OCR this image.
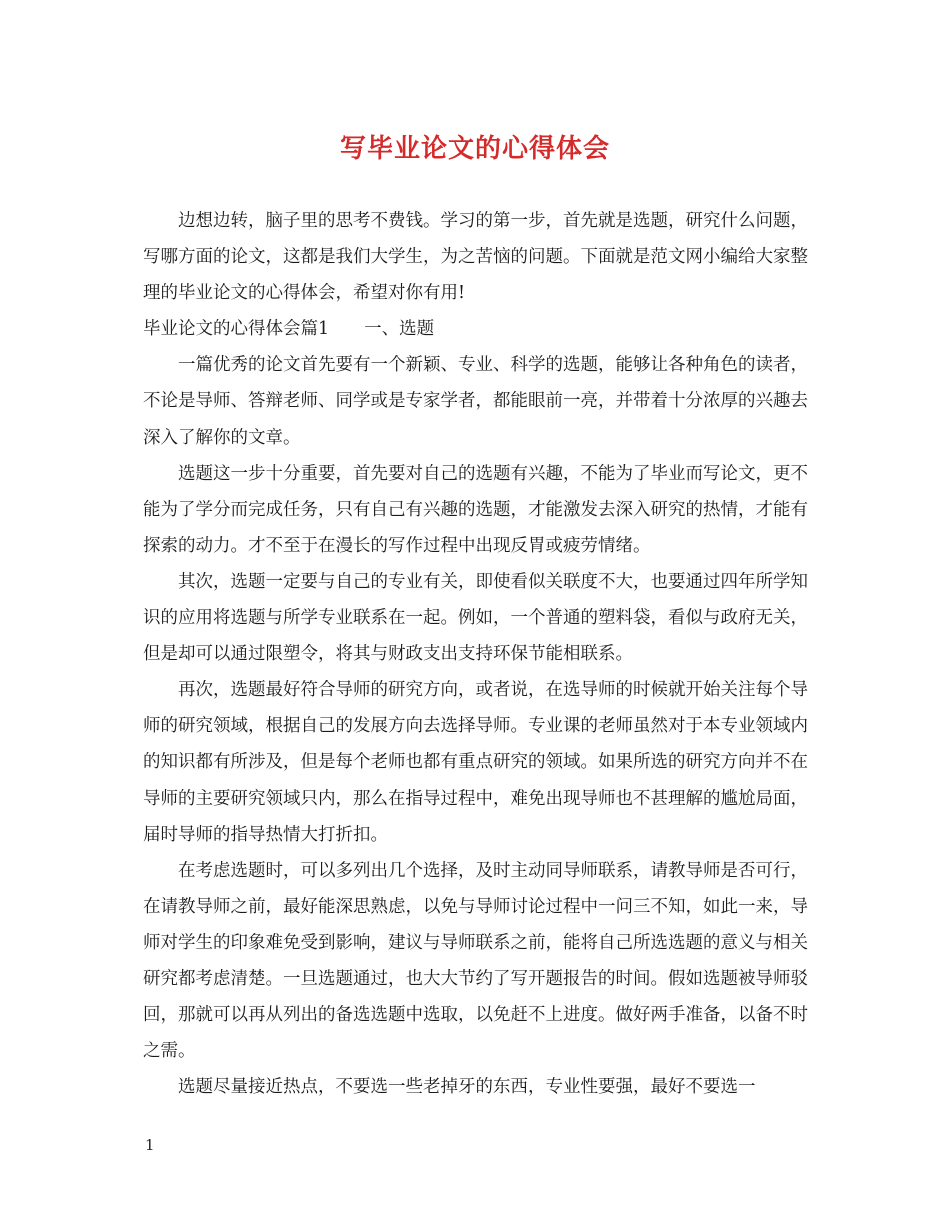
写毕业论文的心得体会

边想边转，脑子里的思考不费钱。学习的第一步，首先就是选题，研究什么问题，写哪方面的论文，这都是我们大学生，为之苦恼的问题。下面就是范文网小编给大家整理的毕业论文的心得体会，希望对你有用!

毕业论文的心得体会篇1　　一、选题

一篇优秀的论文首先要有一个新颖、专业、科学的选题，能够让各种角色的读者，不论是导师、答辩老师、同学或是专家学者，都能眼前一亮，并带着十分浓厚的兴趣去深入了解你的文章。

选题这一步十分重要，首先要对自己的选题有兴趣，不能为了毕业而写论文，更不能为了学分而完成任务，只有自己有兴趣的选题，才能激发去深入研究的热情，才能有探索的动力。才不至于在漫长的写作过程中出现反胃或疲劳情绪。

其次，选题一定要与自己的专业有关，即使看似关联度不大，也要通过四年所学知识的应用将选题与所学专业联系在一起。例如，一个普通的塑料袋，看似与政府无关，但是却可以通过限塑令，将其与财政支出支持环保节能相联系。

再次，选题最好符合导师的研究方向，或者说，在选导师的时候就开始关注每个导师的研究领域，根据自己的发展方向去选择导师。专业课的老师虽然对于本专业领域内的知识都有所涉及，但是每个老师也都有重点研究的领域。如果所选的研究方向并不在导师的主要研究领域只内，那么在指导过程中，难免出现导师也不甚理解的尴尬局面，届时导师的指导热情大打折扣。

在考虑选题时，可以多列出几个选择，及时主动同导师联系，请教导师是否可行，在请教导师之前，最好能深思熟虑，以免与导师讨论过程中一问三不知，如此一来，导师对学生的印象难免受到影响，建议与导师联系之前，能将自己所选选题的意义与相关研究都考虑清楚。一旦选题通过，也大大节约了写开题报告的时间。假如选题被导师驳回，那就可以再从列出的备选选题中选取，以免赶不上进度。做好两手准备，以备不时之需。

选题尽量接近热点，不要选一些老掉牙的东西，专业性要强，最好不要选一

1
